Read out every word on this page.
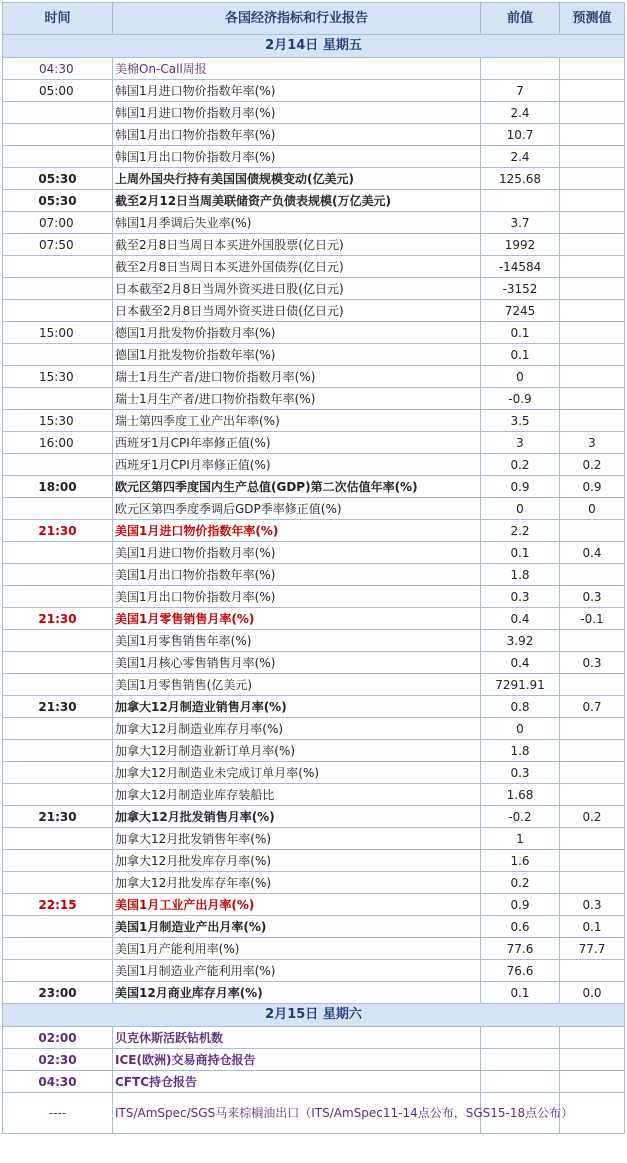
时间	各国经济指标和行业报告	前值	预测值
2月14日 星期五			
04:30	美棉On-Call周报		
05:00	韩国1月进口物价指数年率(%)	7	
	韩国1月进口物价指数月率(%)	2.4	
	韩国1月出口物价指数年率(%)	10.7	
	韩国1月出口物价指数月率(%)	2.4	
05:30	上周外国央行持有美国国债规模变动(亿美元)	125.68	
05:30	截至2月12日当周美联储资产负债表规模(万亿美元)		
07:00	韩国1月季调后失业率(%)	3.7	
07:50	截至2月8日当周日本买进外国股票(亿日元)	1992	
	截至2月8日当周日本买进外国债券(亿日元)	-14584	
	日本截至2月8日当周外资买进日股(亿日元)	-3152	
	日本截至2月8日当周外资买进日债(亿日元)	7245	
15:00	德国1月批发物价指数月率(%)	0.1	
	德国1月批发物价指数年率(%)	0.1	
15:30	瑞士1月生产者/进口物价指数月率(%)	0	
	瑞士1月生产者/进口物价指数年率(%)	-0.9	
15:30	瑞士第四季度工业产出年率(%)	3.5	
16:00	西班牙1月CPI年率修正值(%)	3	3
	西班牙1月CPI月率修正值(%)	0.2	0.2
18:00	欧元区第四季度国内生产总值(GDP)第二次估值年率(%)	0.9	0.9
	欧元区第四季度季调后GDP季率修正值(%)	0	0
21:30	美国1月进口物价指数年率(%)	2.2	
	美国1月进口物价指数月率(%)	0.1	0.4
	美国1月出口物价指数年率(%)	1.8	
	美国1月出口物价指数月率(%)	0.3	0.3
21:30	美国1月零售销售月率(%)	0.4	-0.1
	美国1月零售销售年率(%)	3.92	
	美国1月核心零售销售月率(%)	0.4	0.3
	美国1月零售销售(亿美元)	7291.91	
21:30	加拿大12月制造业销售月率(%)	0.8	0.7
	加拿大12月制造业库存月率(%)	0	
	加拿大12月制造业新订单月率(%)	1.8	
	加拿大12月制造业未完成订单月率(%)	0.3	
	加拿大12月制造业库存装船比	1.68	
21:30	加拿大12月批发销售月率(%)	-0.2	0.2
	加拿大12月批发销售年率(%)	1	
	加拿大12月批发库存月率(%)	1.6	
	加拿大12月批发库存年率(%)	0.2	
22:15	美国1月工业产出月率(%)	0.9	0.3
	美国1月制造业产出月率(%)	0.6	0.1
	美国1月产能利用率(%)	77.6	77.7
	美国1月制造业产能利用率(%)	76.6	
23:00	美国12月商业库存月率(%)	0.1	0.0
2月15日 星期六			
02:00	贝克休斯活跃钻机数		
02:30	ICE(欧洲)交易商持仓报告		
04:30	CFTC持仓报告		
----	ITS/AmSpec/SGS马来棕榈油出口（ITS/AmSpec11-14点公布，SGS15-18点公布）		
